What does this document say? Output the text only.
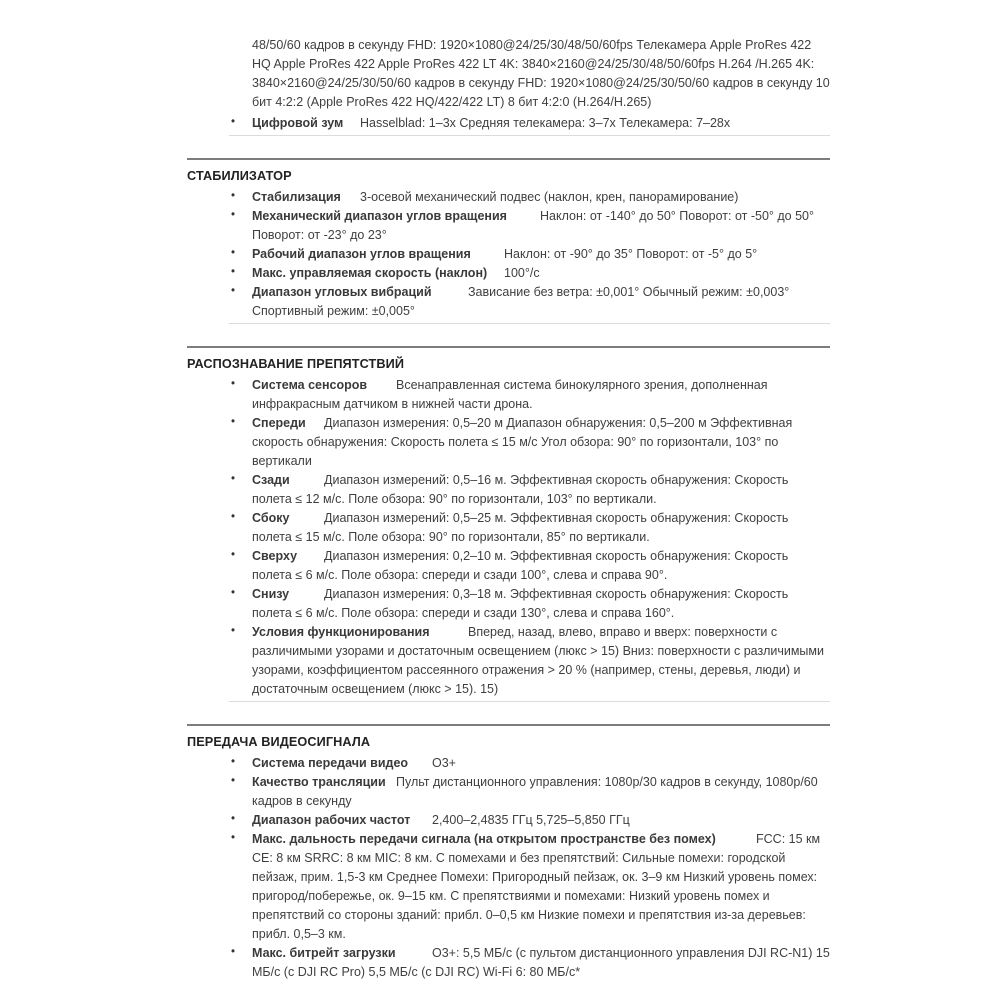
48/50/60 кадров в секунду FHD: 1920×1080@24/25/30/48/50/60fps Телекамера Apple ProRes 422 HQ Apple ProRes 422 Apple ProRes 422 LT 4K: 3840×2160@24/25/30/48/50/60fps H.264 /H.265 4K: 3840×2160@24/25/30/50/60 кадров в секунду FHD: 1920×1080@24/25/30/50/60 кадров в секунду 10 бит 4:2:2 (Apple ProRes 422 HQ/422/422 LT) 8 бит 4:2:0 (H.264/H.265)

• Цифровой зум Hasselblad: 1–3x Средняя телекамера: 3–7x Телекамера: 7–28x
СТАБИЛИЗАТОР
• Стабилизация 3-осевой механический подвес (наклон, крен, панорамирование)
• Механический диапазон углов вращения	Наклон: от -140° до 50° Поворот: от -50° до 50° Поворот: от -23° до 23°
• Рабочий диапазон углов вращения	Наклон: от -90° до 35° Поворот: от -5° до 5°
• Макс. управляемая скорость (наклон) 100°/с
• Диапазон угловых вибраций	Зависание без ветра: ±0,001° Обычный режим: ±0,003° Спортивный режим: ±0,005°
РАСПОЗНАВАНИЕ ПРЕПЯТСТВИЙ
• Система сенсоров Всенаправленная система бинокулярного зрения, дополненная инфракрасным датчиком в нижней части дрона.
• Спереди Диапазон измерения: 0,5–20 м Диапазон обнаружения: 0,5–200 м Эффективная скорость обнаружения: Скорость полета ≤ 15 м/с Угол обзора: 90° по горизонтали, 103° по вертикали
• Сзади	Диапазон измерений: 0,5–16 м. Эффективная скорость обнаружения: Скорость полета ≤ 12 м/с. Поле обзора: 90° по горизонтали, 103° по вертикали.
• Сбоку	Диапазон измерений: 0,5–25 м. Эффективная скорость обнаружения: Скорость полета ≤ 15 м/с. Поле обзора: 90° по горизонтали, 85° по вертикали.
• Сверху Диапазон измерения: 0,2–10 м. Эффективная скорость обнаружения: Скорость полета ≤ 6 м/с. Поле обзора: спереди и сзади 100°, слева и справа 90°.
• Снизу	Диапазон измерения: 0,3–18 м. Эффективная скорость обнаружения: Скорость полета ≤ 6 м/с. Поле обзора: спереди и сзади 130°, слева и справа 160°.
• Условия функционирования	Вперед, назад, влево, вправо и вверх: поверхности с различимыми узорами и достаточным освещением (люкс > 15) Вниз: поверхности с различимыми узорами, коэффициентом рассеянного отражения > 20 % (например, стены, деревья, люди) и достаточным освещением (люкс > 15). 15)
ПЕРЕДАЧА ВИДЕОСИГНАЛА
• Система передачи видео O3+
• Качество трансляции Пульт дистанционного управления: 1080p/30 кадров в секунду, 1080p/60 кадров в секунду
• Диапазон рабочих частот 2,400–2,4835 ГГц 5,725–5,850 ГГц
• Макс. дальность передачи сигнала (на открытом пространстве без помех)	FCC: 15 км CE: 8 км SRRC: 8 км MIC: 8 км. С помехами и без препятствий: Сильные помехи: городской пейзаж, прим. 1,5-3 км Среднее Помехи: Пригородный пейзаж, ок. 3–9 км Низкий уровень помех: пригород/побережье, ок. 9–15 км. С препятствиями и помехами: Низкий уровень помех и препятствий со стороны зданий: прибл. 0–0,5 км Низкие помехи и препятствия из-за деревьев: прибл. 0,5–3 км.
• Макс. битрейт загрузки	O3+: 5,5 МБ/с (с пультом дистанционного управления DJI RC-N1) 15 МБ/с (с DJI RC Pro) 5,5 МБ/с (с DJI RC) Wi-Fi 6: 80 МБ/с*
